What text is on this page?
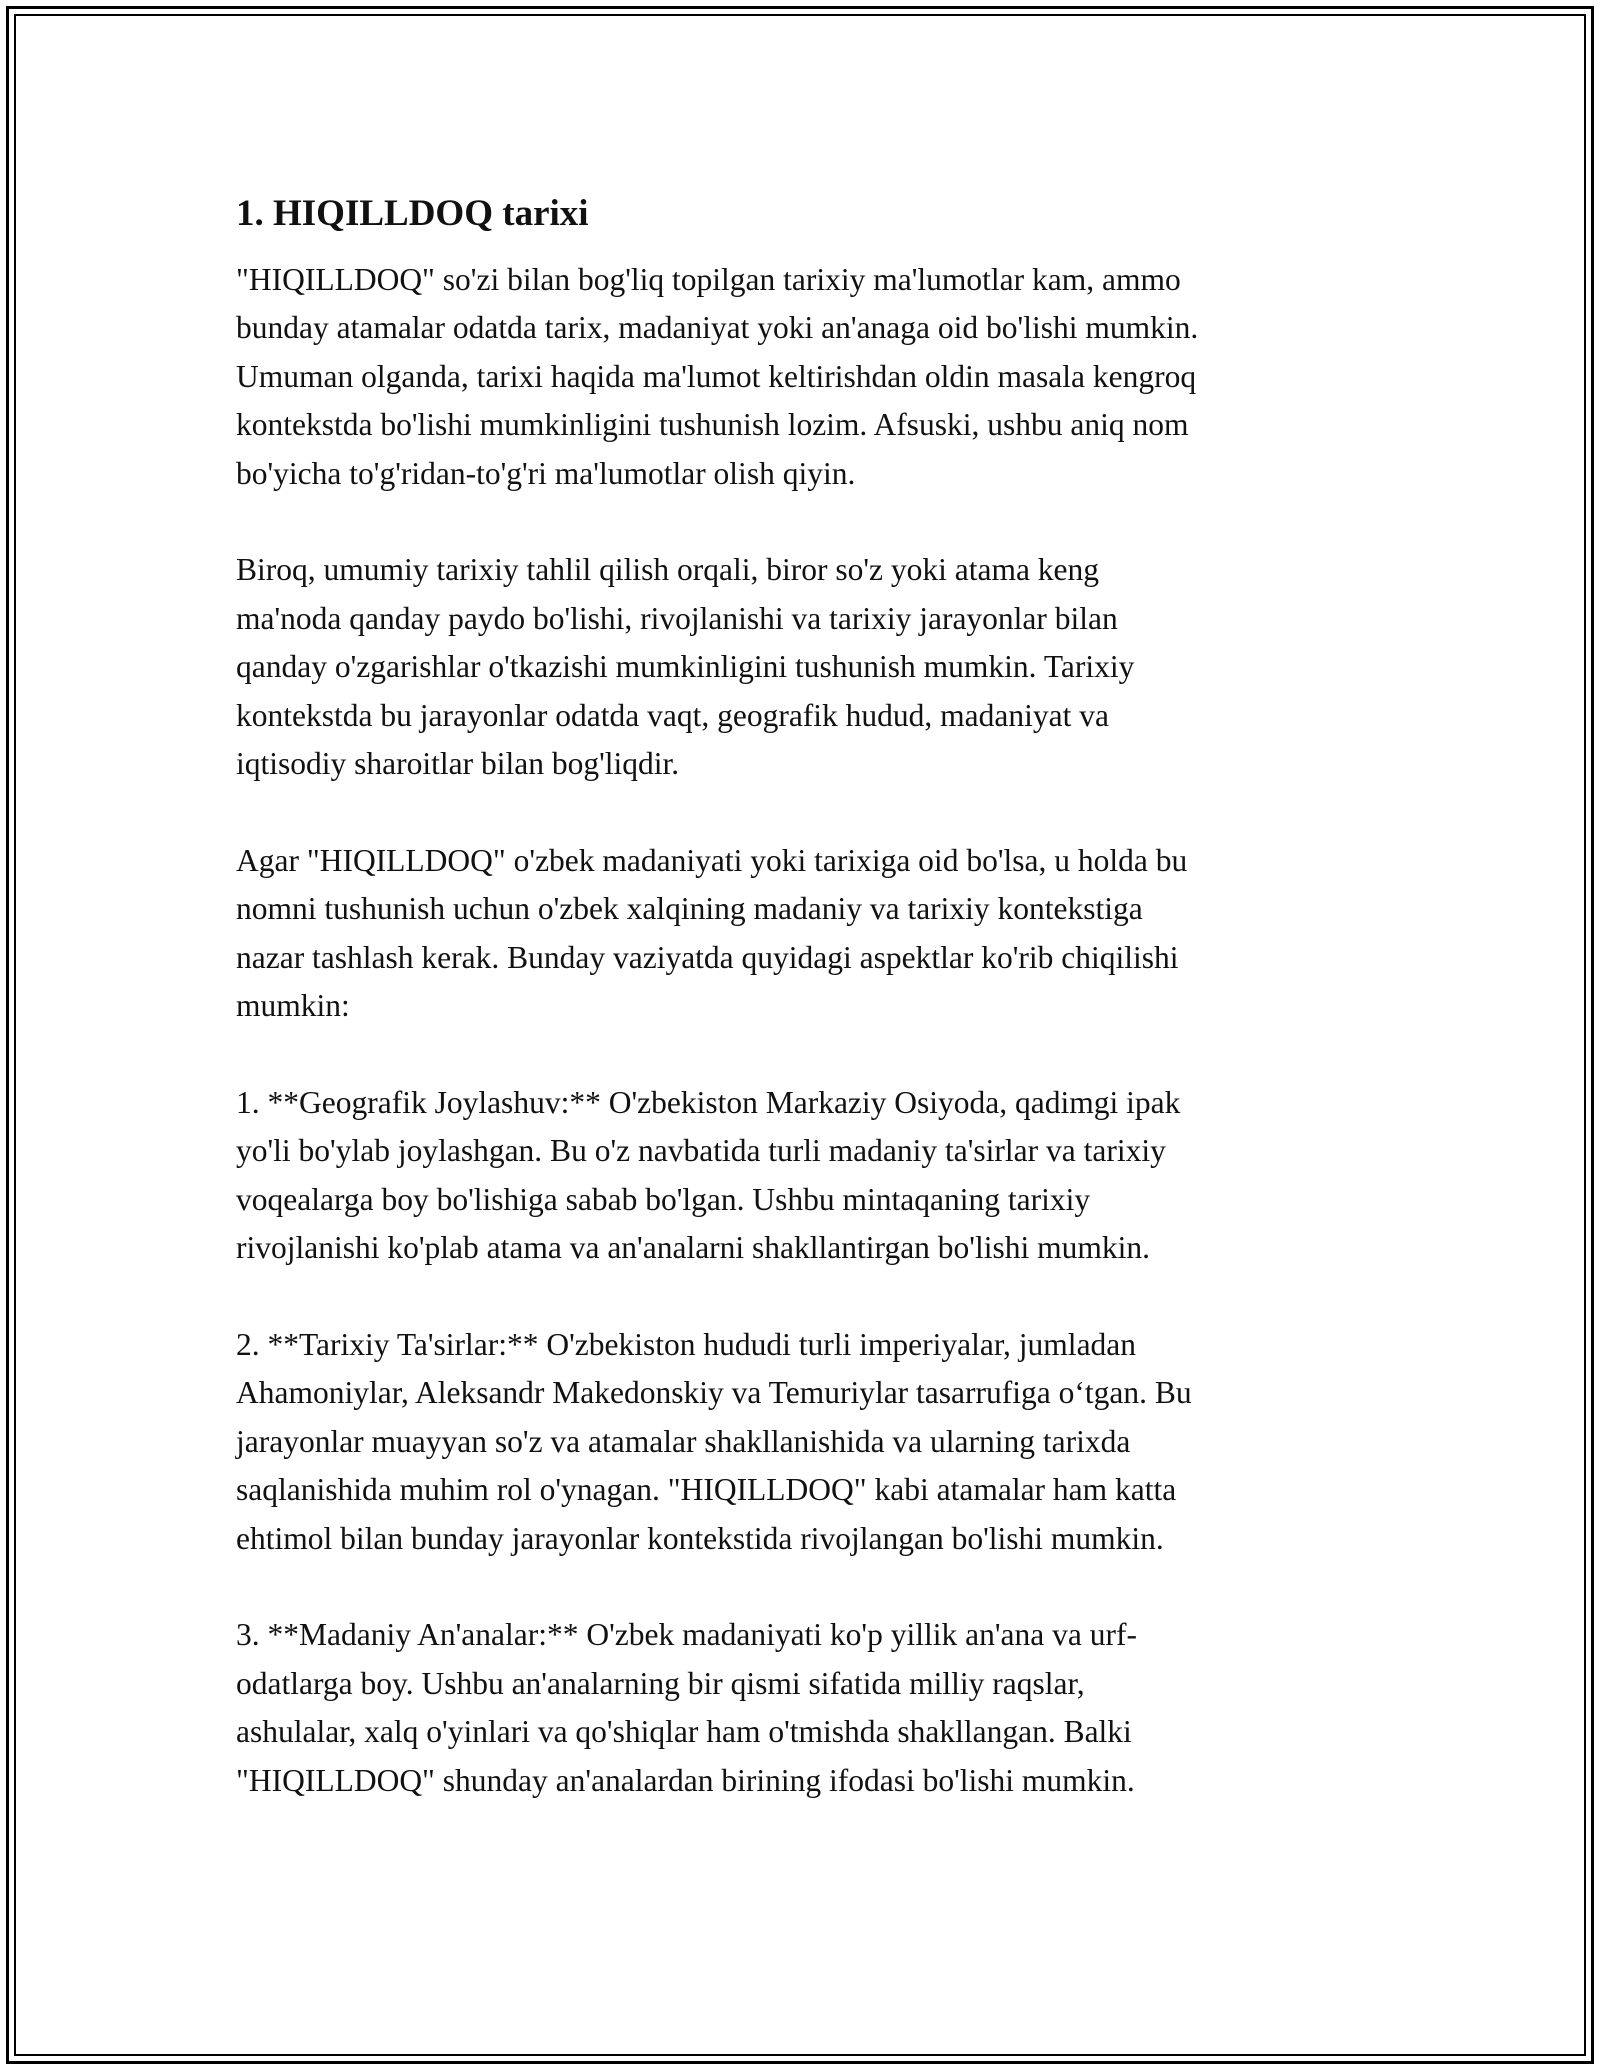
1. HIQILLDOQ tarixi
"HIQILLDOQ" so'zi bilan bog'liq topilgan tarixiy ma'lumotlar kam, ammo
bunday atamalar odatda tarix, madaniyat yoki an'anaga oid bo'lishi mumkin.
Umuman olganda, tarixi haqida ma'lumot keltirishdan oldin masala kengroq
kontekstda bo'lishi mumkinligini tushunish lozim. Afsuski, ushbu aniq nom
bo'yicha to'g'ridan-to'g'ri ma'lumotlar olish qiyin.
Biroq, umumiy tarixiy tahlil qilish orqali, biror so'z yoki atama keng
ma'noda qanday paydo bo'lishi, rivojlanishi va tarixiy jarayonlar bilan
qanday o'zgarishlar o'tkazishi mumkinligini tushunish mumkin. Tarixiy
kontekstda bu jarayonlar odatda vaqt, geografik hudud, madaniyat va
iqtisodiy sharoitlar bilan bog'liqdir.
Agar "HIQILLDOQ" o'zbek madaniyati yoki tarixiga oid bo'lsa, u holda bu
nomni tushunish uchun o'zbek xalqining madaniy va tarixiy kontekstiga
nazar tashlash kerak. Bunday vaziyatda quyidagi aspektlar ko'rib chiqilishi
mumkin:
1. **Geografik Joylashuv:** O'zbekiston Markaziy Osiyoda, qadimgi ipak
yo'li bo'ylab joylashgan. Bu o'z navbatida turli madaniy ta'sirlar va tarixiy
voqealarga boy bo'lishiga sabab bo'lgan. Ushbu mintaqaning tarixiy
rivojlanishi ko'plab atama va an'analarni shakllantirgan bo'lishi mumkin.
2. **Tarixiy Ta'sirlar:** O'zbekiston hududi turli imperiyalar, jumladan
Ahamoniylar, Aleksandr Makedonskiy va Temuriylar tasarrufiga o‘tgan. Bu
jarayonlar muayyan so'z va atamalar shakllanishida va ularning tarixda
saqlanishida muhim rol o'ynagan. "HIQILLDOQ" kabi atamalar ham katta
ehtimol bilan bunday jarayonlar kontekstida rivojlangan bo'lishi mumkin.
3. **Madaniy An'analar:** O'zbek madaniyati ko'p yillik an'ana va urf-
odatlarga boy. Ushbu an'analarning bir qismi sifatida milliy raqslar,
ashulalar, xalq o'yinlari va qo'shiqlar ham o'tmishda shakllangan. Balki
"HIQILLDOQ" shunday an'analardan birining ifodasi bo'lishi mumkin.
